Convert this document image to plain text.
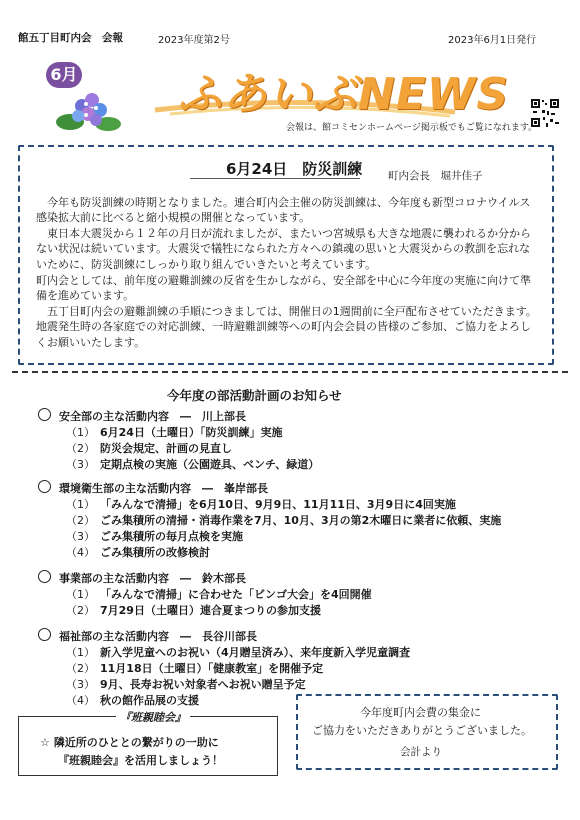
館五丁目町内会　 会報	2023年度第2号	2023年6月1日発行
6月 ふあいぶNEWS
会報は、館コミセンホームページ掲示板でもご覧になれます。
6月24日　防災訓練 町内会長　堀井佳子
　今年も防災訓練の時期となりました。連合町内会主催の防災訓練は、今年度も新型コロナウイルス感染拡大前に比べると縮小規模の開催となっています。
　東日本大震災から１２年の月日が流れましたが、またいつ宮城県も大きな地震に襲われるか分からない状況は続いています。大震災で犠牲になられた方々への鎮魂の思いと大震災からの教訓を忘れないために、防災訓練にしっかり取り組んでいきたいと考えています。
町内会としては、前年度の避難訓練の反省を生かしながら、安全部を中心に今年度の実施に向けて準備を進めています。
　五丁目町内会の避難訓練の手順につきましては、開催日の1週間前に全戸配布させていただきます。地震発生時の各家庭での対応訓練、一時避難訓練等への町内会会員の皆様のご参加、ご協力をよろしくお願いいたします。
今年度の部活動計画のお知らせ
安全部の主な活動内容　―　川上部長
（1） 6月24日（土曜日）「防災訓練」実施
（2） 防災会規定、計画の見直し
（3） 定期点検の実施（公園遊具、ベンチ、緑道）
環境衛生部の主な活動内容　―　峯岸部長
（1） 「みんなで清掃」を6月10日、9月9日、11月11日、3月9日に4回実施
（2） ごみ集積所の清掃・消毒作業を7月、10月、3月の第2木曜日に業者に依頼、実施
（3） ごみ集積所の毎月点検を実施
（4） ごみ集積所の改修検討
事業部の主な活動内容　―　鈴木部長
（1） 「みんなで清掃」に合わせた「ビンゴ大会」を4回開催
（2） 7月29日（土曜日）連合夏まつりの参加支援
福祉部の主な活動内容　―　長谷川部長
（1） 新入学児童へのお祝い（4月贈呈済み）、来年度新入学児童調査
（2） 11月18日（土曜日）「健康教室」を開催予定
（3） 9月、長寿お祝い対象者へお祝い贈呈予定
（4） 秋の館作品展の支援
『班親睦会』
☆ 隣近所のひととの繋がりの一助に
『班親睦会』を活用しましょう！
今年度町内会費の集金に
ご協力をいただきありがとうございました。
会計より
